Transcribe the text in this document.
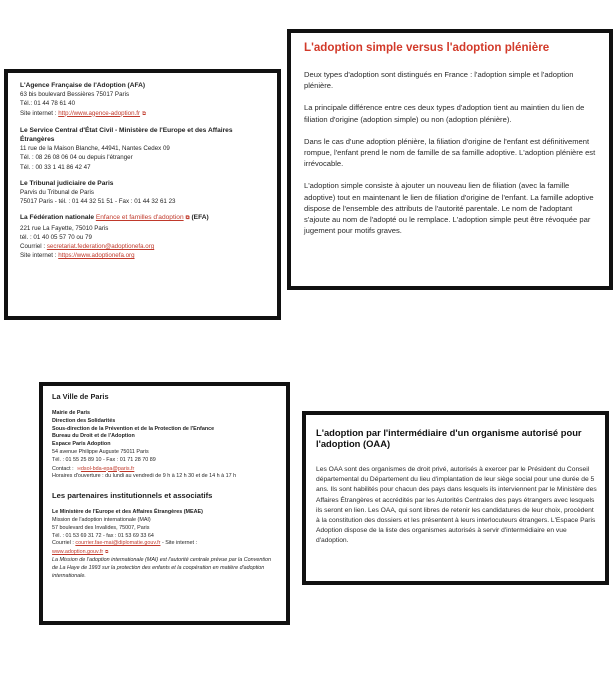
L'Agence Française de l'Adoption (AFA)
63 bis boulevard Bessières 75017 Paris
Tél.: 01 44 78 61 40
Site internet : http://www.agence-adoption.fr ⧉
Le Service Central d'État Civil - Ministère de l'Europe et des Affaires Étrangères
11 rue de la Maison Blanche, 44941, Nantes Cedex 09
Tél. : 08 26 08 06 04 ou depuis l'étranger
Tél. : 00 33 1 41 86 42 47
Le Tribunal judiciaire de Paris
Parvis du Tribunal de Paris
75017 Paris - tél. : 01 44 32 51 51 - Fax : 01 44 32 61 23
La Fédération nationale Enfance et familles d'adoption ⧉ (EFA)
221 rue La Fayette, 75010 Paris
tél. : 01 40 05 57 70 ou 79
Courriel : secretariat.federation@adoptionefa.org
Site internet : https://www.adoptionefa.org
L'adoption simple versus l'adoption plénière

Deux types d'adoption sont distingués en France : l'adoption simple et l'adoption plénière.

La principale différence entre ces deux types d'adoption tient au maintien du lien de filiation d'origine (adoption simple) ou non (adoption plénière).

Dans le cas d'une adoption plénière, la filiation d'origine de l'enfant est définitivement rompue, l'enfant prend le nom de famille de sa famille adoptive. L'adoption plénière est irrévocable.

L'adoption simple consiste à ajouter un nouveau lien de filiation (avec la famille adoptive) tout en maintenant le lien de filiation d'origine de l'enfant. La famille adoptive dispose de l'ensemble des attributs de l'autorité parentale. Le nom de l'adoptant s'ajoute au nom de l'adopté ou le remplace. L'adoption simple peut être révoquée par jugement pour motifs graves.

La Ville de Paris
Mairie de Paris
Direction des Solidarités
Sous-direction de la Prévention et de la Protection de l'Enfance
Bureau du Droit et de l'Adoption
Espace Paris Adoption
54 avenue Philippe Auguste 75011 Paris
Tél. : 01 55 25 89 10 - Fax : 01 71 28 70 89
Contact : ✉dsol-bda-epa@paris.fr
Horaires d'ouverture : du lundi au vendredi de 9 h à 12 h 30 et de 14 h à 17 h
Les partenaires institutionnels et associatifs
Le Ministère de l'Europe et des Affaires Étrangères (MEAE)
Mission de l'adoption internationale (MAI)
57 boulevard des Invalides, 75007, Paris
Tél. : 01 53 69 31 72 - fax : 01 53 69 33 64
Courriel : courrier.fae-mai@diplomatie.gouv.fr - Site internet :
www.adoption.gouv.fr ⧉
La Mission de l'adoption internationale (MAI) est l'autorité centrale prévue par la Convention de La Haye de 1993 sur la protection des enfants et la coopération en matière d'adoption internationale.
L'adoption par l'intermédiaire d'un organisme autorisé pour l'adoption (OAA)

Les OAA sont des organismes de droit privé, autorisés à exercer par le Président du Conseil départemental du Département du lieu d'implantation de leur siège social pour une durée de 5 ans. Ils sont habilités pour chacun des pays dans lesquels ils interviennent par le Ministère des Affaires Étrangères et accrédités par les Autorités Centrales des pays étrangers avec lesquels ils seront en lien. Les OAA, qui sont libres de retenir les candidatures de leur choix, procèdent à la constitution des dossiers et les présentent à leurs interlocuteurs étrangers. L'Espace Paris Adoption dispose de la liste des organismes autorisés à servir d'intermédiaire en vue d'adoption.
